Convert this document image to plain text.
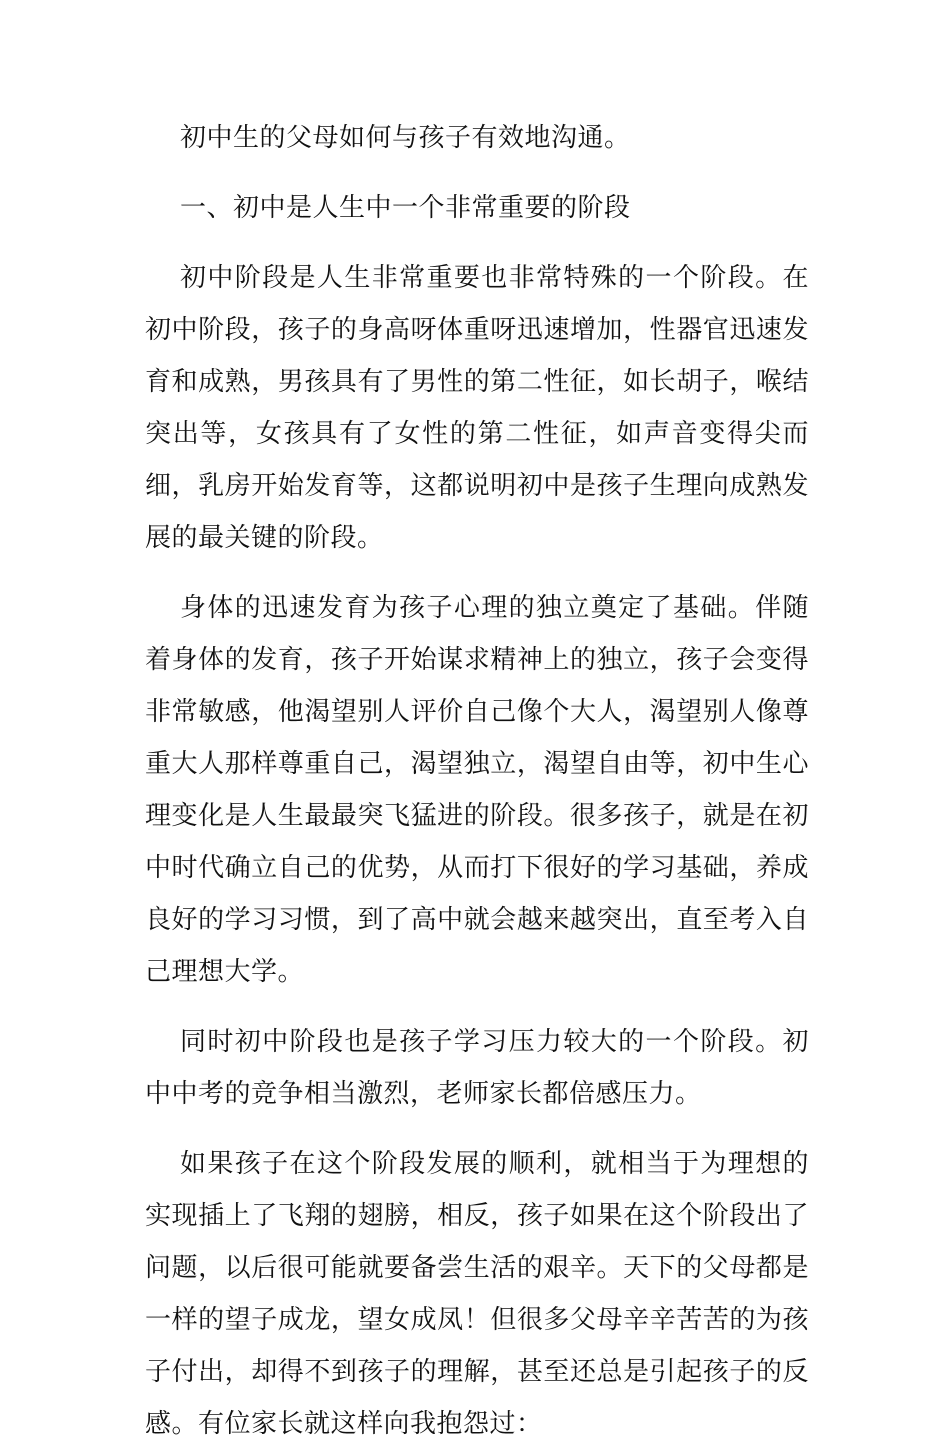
初中生的父母如何与孩子有效地沟通。

一、初中是人生中一个非常重要的阶段

初中阶段是人生非常重要也非常特殊的一个阶段。在初中阶段，孩子的身高呀体重呀迅速增加，性器官迅速发育和成熟，男孩具有了男性的第二性征，如长胡子，喉结突出等，女孩具有了女性的第二性征，如声音变得尖而细，乳房开始发育等，这都说明初中是孩子生理向成熟发展的最关键的阶段。

身体的迅速发育为孩子心理的独立奠定了基础。伴随着身体的发育，孩子开始谋求精神上的独立，孩子会变得非常敏感，他渴望别人评价自己像个大人，渴望别人像尊重大人那样尊重自己，渴望独立，渴望自由等，初中生心理变化是人生最最突飞猛进的阶段。很多孩子，就是在初中时代确立自己的优势，从而打下很好的学习基础，养成良好的学习习惯，到了高中就会越来越突出，直至考入自己理想大学。

同时初中阶段也是孩子学习压力较大的一个阶段。初中中考的竞争相当激烈，老师家长都倍感压力。

如果孩子在这个阶段发展的顺利，就相当于为理想的实现插上了飞翔的翅膀，相反，孩子如果在这个阶段出了问题，以后很可能就要备尝生活的艰辛。天下的父母都是一样的望子成龙，望女成凤！但很多父母辛辛苦苦的为孩子付出，却得不到孩子的理解，甚至还总是引起孩子的反感。有位家长就这样向我抱怨过：
